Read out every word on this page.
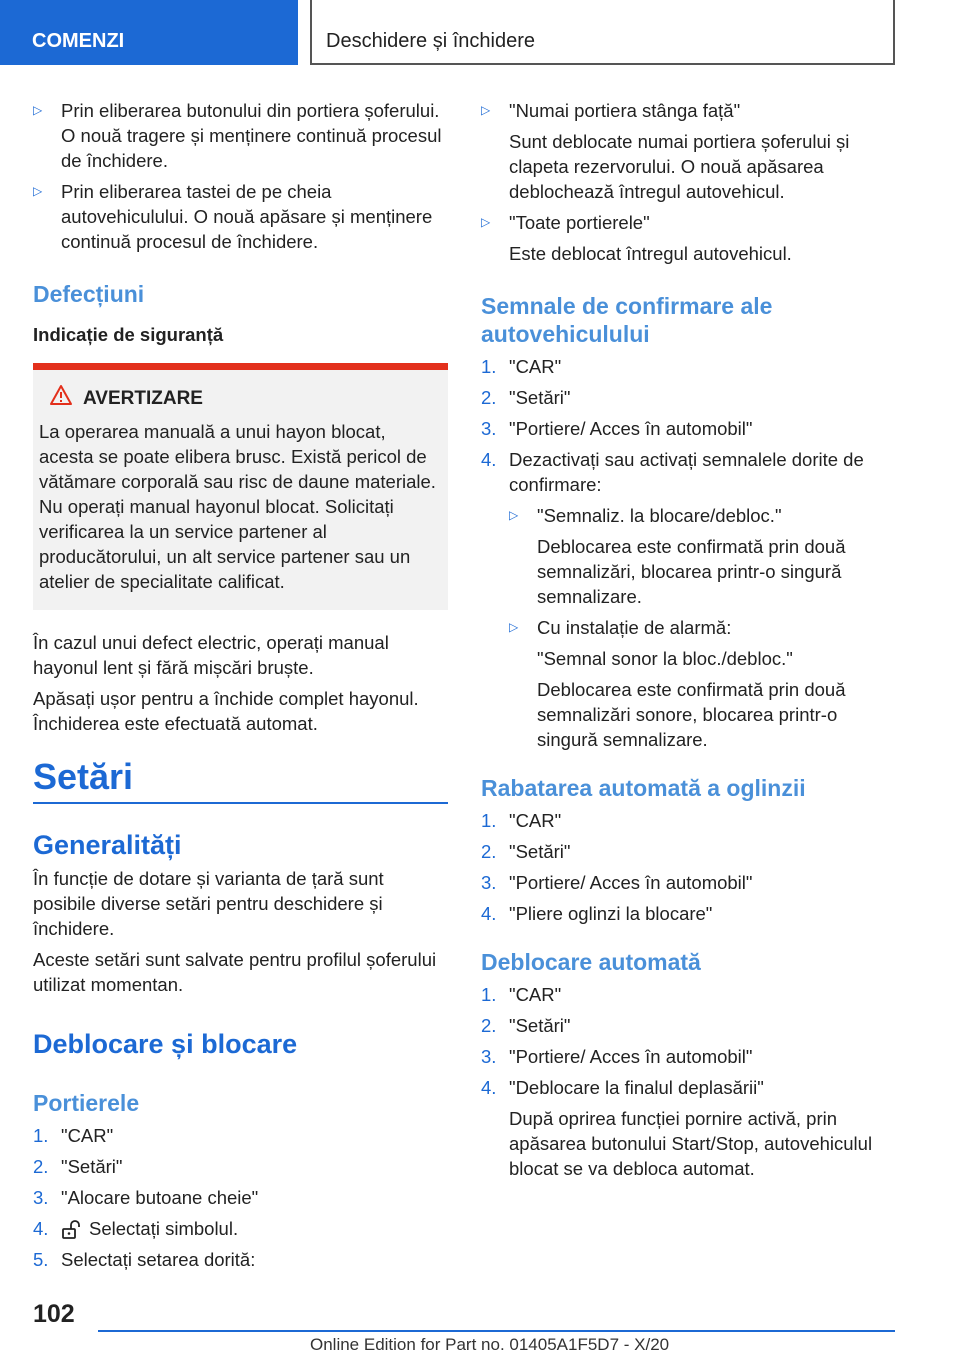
COMENZI	Deschidere și închidere
▷ Prin eliberarea butonului din portiera șoferului. O nouă tragere și menținere continuă procesul de închidere.
▷ Prin eliberarea tastei de pe cheia autovehiculului. O nouă apăsare și menținere continuă procesul de închidere.
Defecțiuni
Indicație de siguranță
AVERTIZARE
La operarea manuală a unui hayon blocat, acesta se poate elibera brusc. Există pericol de vătămare corporală sau risc de daune materiale. Nu operați manual hayonul blocat. Solicitați verificarea la un service partener al producătorului, un alt service partener sau un atelier de specialitate calificat.

În cazul unui defect electric, operați manual hayonul lent și fără mișcări bruște.

Apăsați ușor pentru a închide complet hayonul. Închiderea este efectuată automat.

Setări
Generalități

În funcție de dotare și varianta de țară sunt posibile diverse setări pentru deschidere și închidere.

Aceste setări sunt salvate pentru profilul șoferului utilizat momentan.

Deblocare și blocare
Portierele
1. "CAR"
2. "Setări"
3. "Alocare butoane cheie"
4. Selectați simbolul.
5. Selectați setarea dorită:
▷ "Numai portiera stânga față"
Sunt deblocate numai portiera șoferului și clapeta rezervorului. O nouă apăsarea deblochează întregul autovehicul.
▷ "Toate portierele"
Este deblocat întregul autovehicul.
Semnale de confirmare ale autovehiculului
1. "CAR"
2. "Setări"
3. "Portiere/ Acces în automobil"
4. Dezactivați sau activați semnalele dorite de confirmare:
▷ "Semnaliz. la blocare/debloc."
Deblocarea este confirmată prin două semnalizări, blocarea printr-o singură semnalizare.
▷ Cu instalație de alarmă:
"Semnal sonor la bloc./debloc."
Deblocarea este confirmată prin două semnalizări sonore, blocarea printr-o singură semnalizare.
Rabatarea automată a oglinzii
1. "CAR"
2. "Setări"
3. "Portiere/ Acces în automobil"
4. "Pliere oglinzi la blocare"
Deblocare automată
1. "CAR"
2. "Setări"
3. "Portiere/ Acces în automobil"
4. "Deblocare la finalul deplasării"
După oprirea funcției pornire activă, prin apăsarea butonului Start/Stop, autovehiculul blocat se va debloca automat.
102
Online Edition for Part no. 01405A1F5D7 - X/20
